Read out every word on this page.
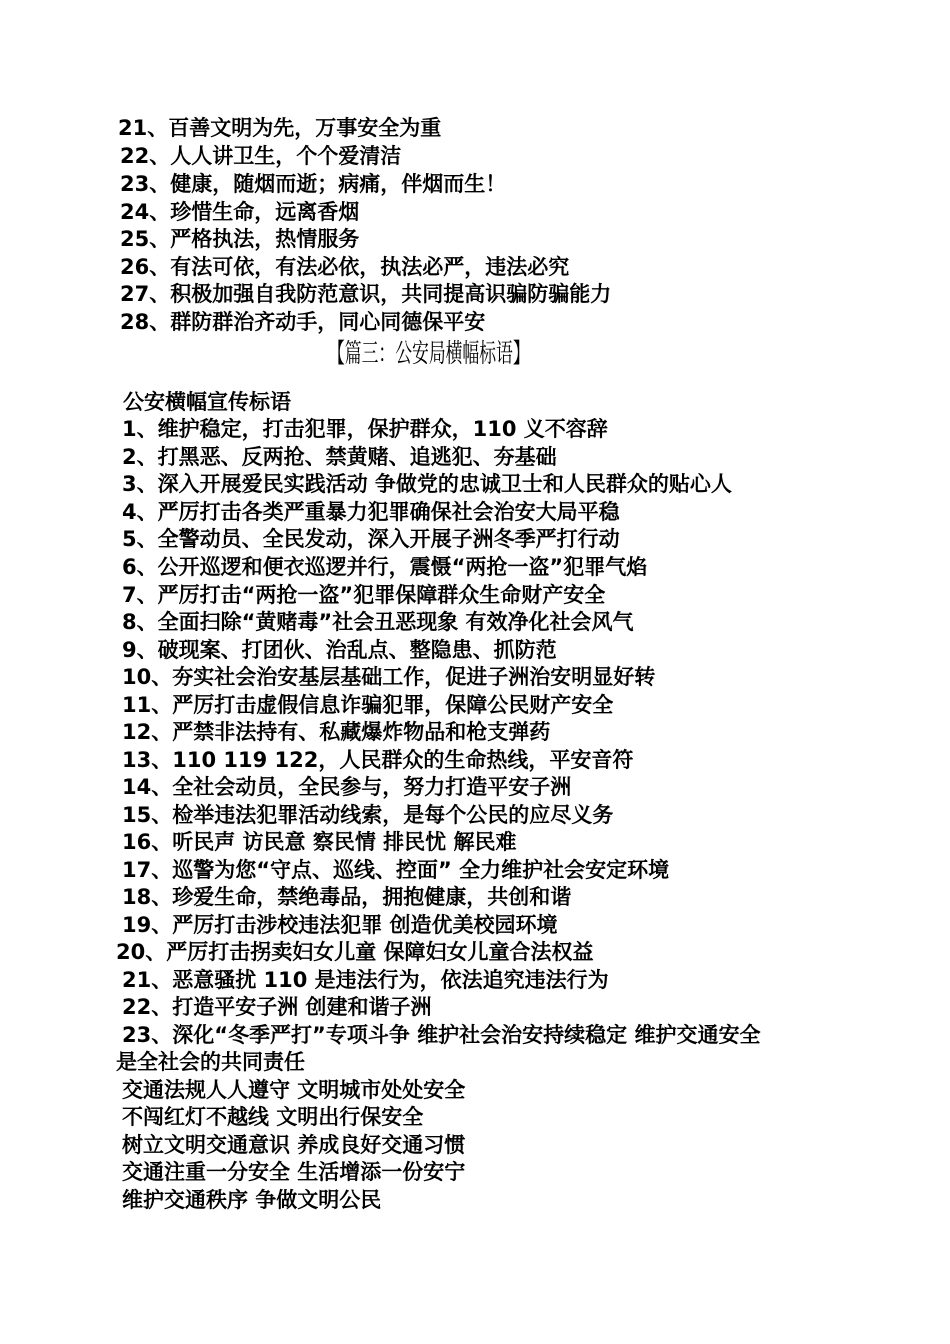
21、百善文明为先，万事安全为重
22、人人讲卫生，个个爱清洁
23、健康，随烟而逝；病痛，伴烟而生！
24、珍惜生命，远离香烟
25、严格执法，热情服务
26、有法可依，有法必依，执法必严，违法必究
27、积极加强自我防范意识，共同提高识骗防骗能力
28、群防群治齐动手，同心同德保平安
【篇三：公安局横幅标语】
公安横幅宣传标语
1、维护稳定，打击犯罪，保护群众，110 义不容辞
2、打黑恶、反两抢、禁黄赌、追逃犯、夯基础
3、深入开展爱民实践活动 争做党的忠诚卫士和人民群众的贴心人
4、严厉打击各类严重暴力犯罪确保社会治安大局平稳
5、全警动员、全民发动，深入开展子洲冬季严打行动
6、公开巡逻和便衣巡逻并行，震慑“两抢一盗”犯罪气焰
7、严厉打击“两抢一盗”犯罪保障群众生命财产安全
8、全面扫除“黄赌毒”社会丑恶现象 有效净化社会风气
9、破现案、打团伙、治乱点、整隐患、抓防范
10、夯实社会治安基层基础工作，促进子洲治安明显好转
11、严厉打击虚假信息诈骗犯罪，保障公民财产安全
12、严禁非法持有、私藏爆炸物品和枪支弹药
13、110 119 122，人民群众的生命热线，平安音符
14、全社会动员，全民参与，努力打造平安子洲
15、检举违法犯罪活动线索，是每个公民的应尽义务
16、听民声 访民意 察民情 排民忧 解民难
17、巡警为您“守点、巡线、控面” 全力维护社会安定环境
18、珍爱生命，禁绝毒品，拥抱健康，共创和谐
19、严厉打击涉校违法犯罪 创造优美校园环境
20、严厉打击拐卖妇女儿童 保障妇女儿童合法权益
21、恶意骚扰 110 是违法行为，依法追究违法行为
22、打造平安子洲 创建和谐子洲
23、深化“冬季严打”专项斗争 维护社会治安持续稳定 维护交通安全
是全社会的共同责任
交通法规人人遵守 文明城市处处安全
不闯红灯不越线 文明出行保安全
树立文明交通意识 养成良好交通习惯
交通注重一分安全 生活增添一份安宁
维护交通秩序 争做文明公民
